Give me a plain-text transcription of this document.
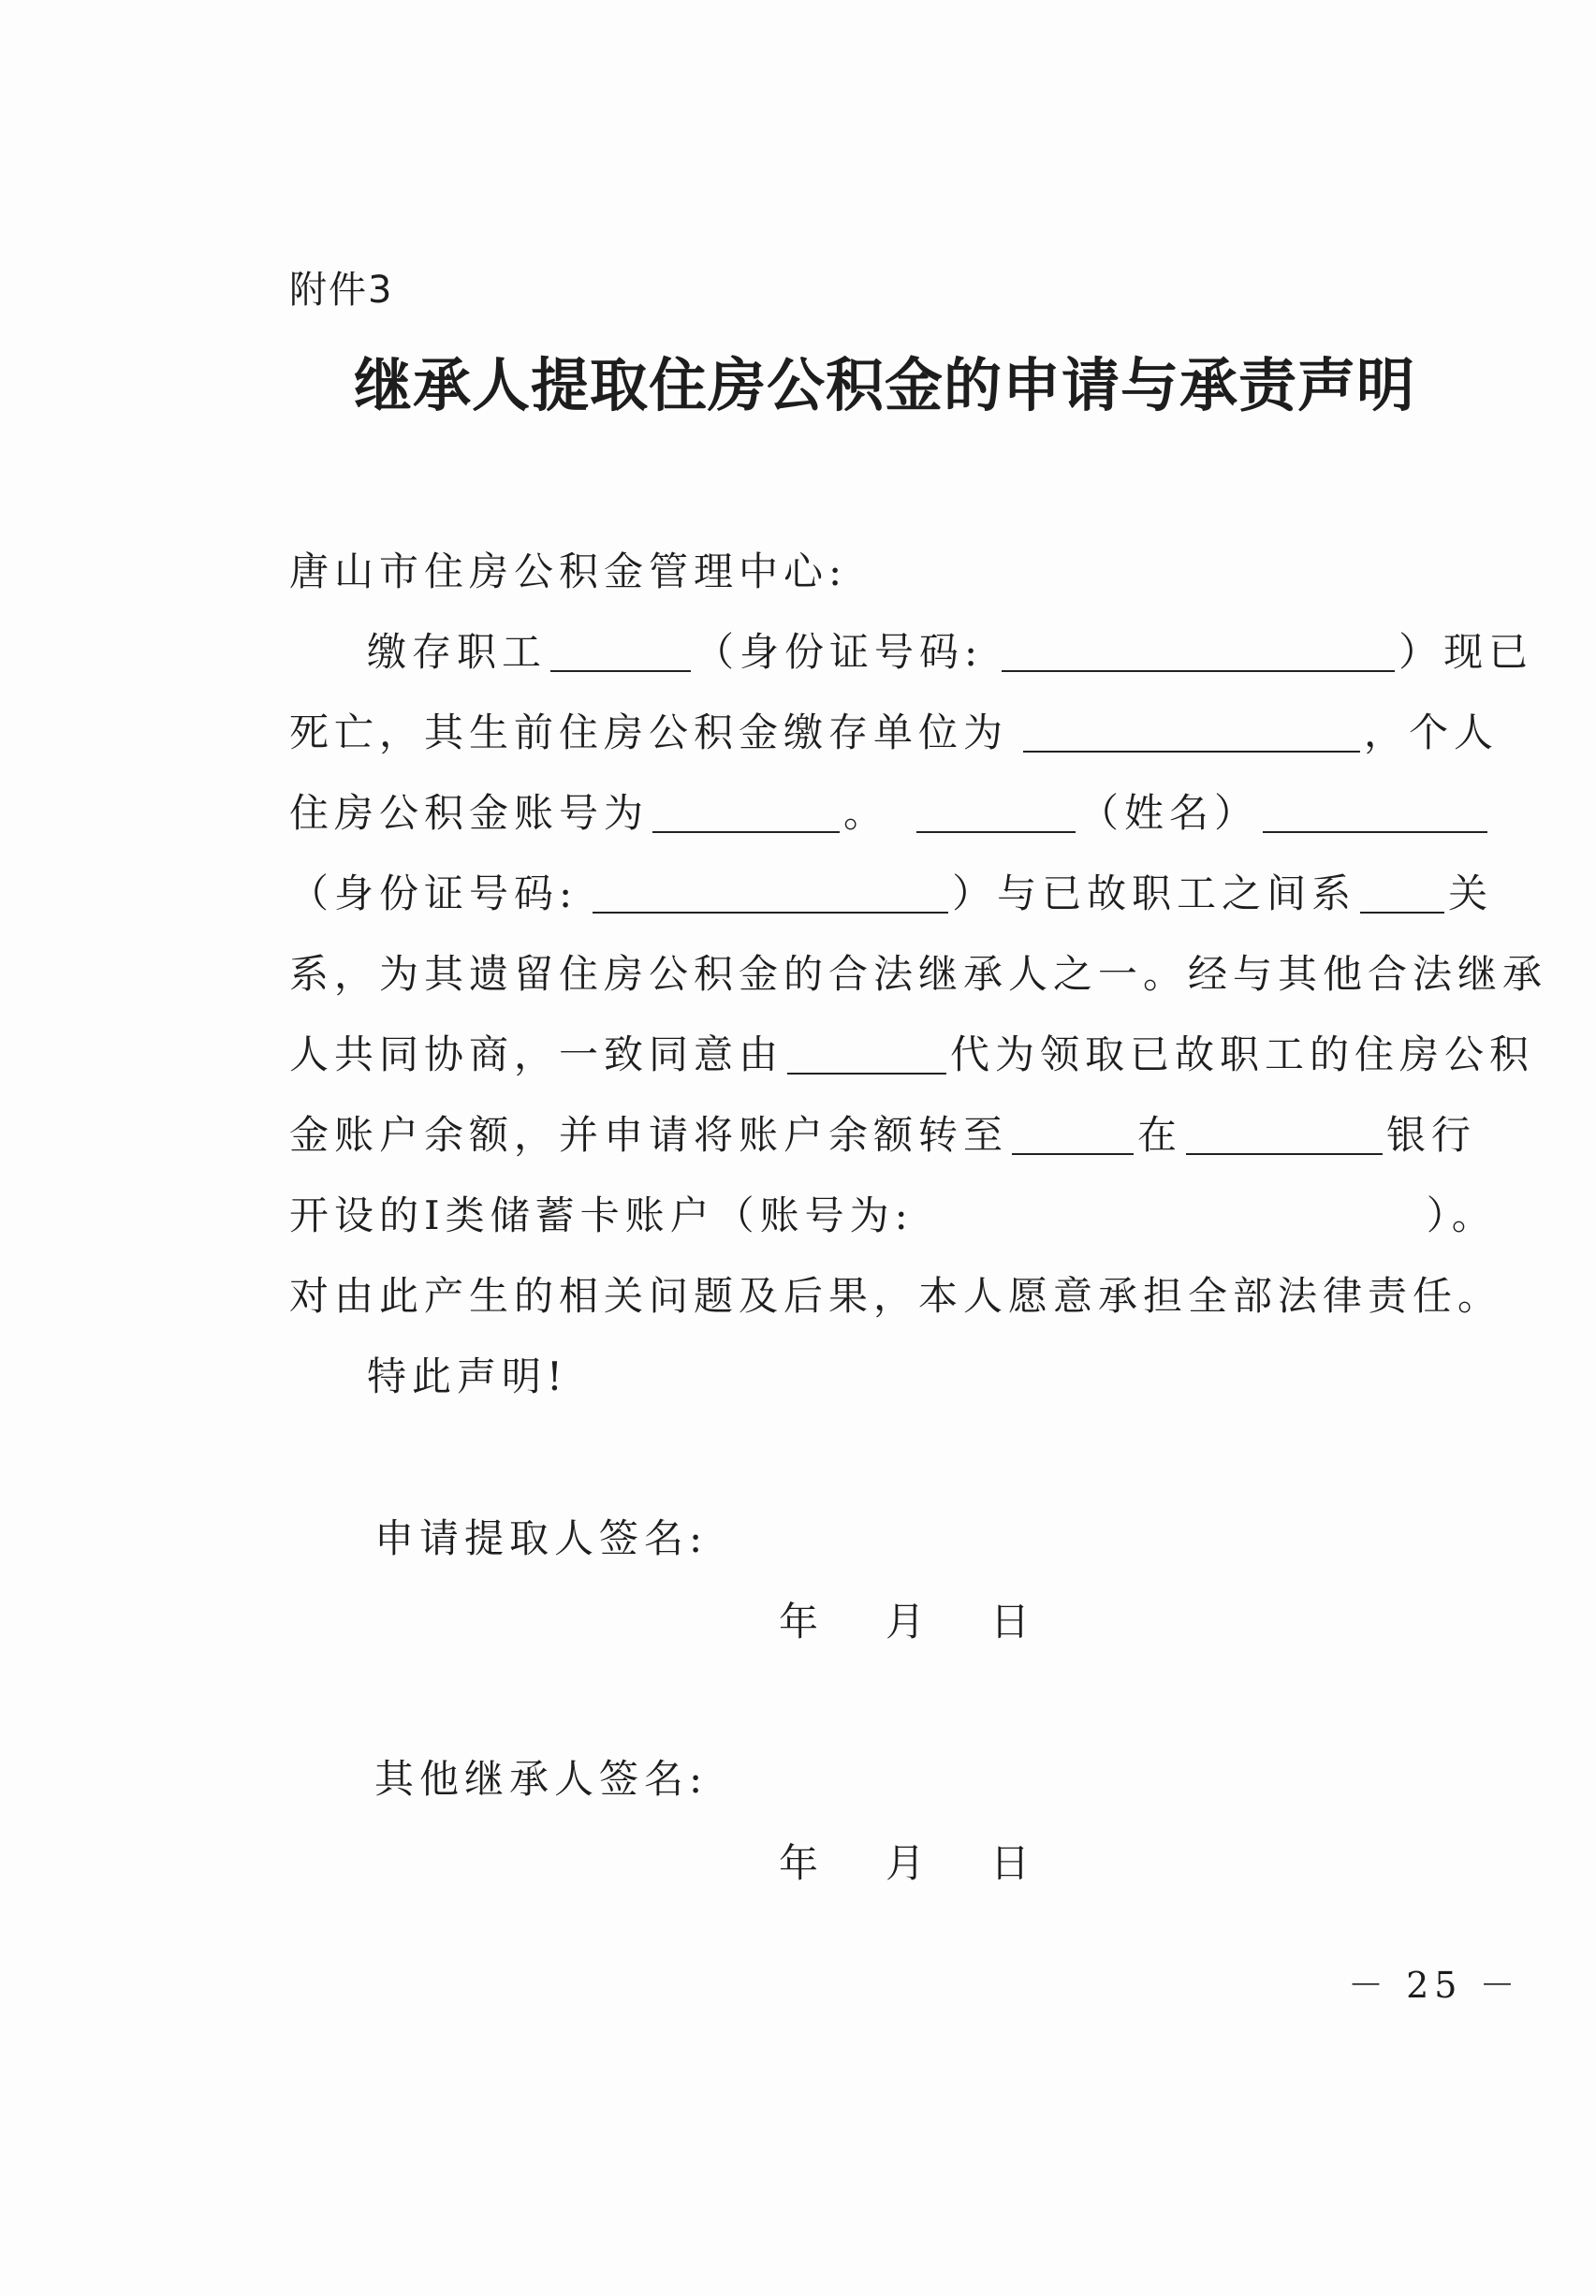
附件3
继承人提取住房公积金的申请与承责声明
唐山市住房公积金管理中心:
缴存职工	（身份证号码:	）现已
死亡，其生前住房公积金缴存单位为	，个人
住房公积金账号为	。	（姓名）
（身份证号码:	）与已故职工之间系 关
系，为其遗留住房公积金的合法继承人之一。经与其他合法继承
人共同协商，一致同意由	代为领取已故职工的住房公积
金账户余额，并申请将账户余额转至	在	银行
开设的Ⅰ类储蓄卡账户（账号为:	）。
对由此产生的相关问题及后果，本人愿意承担全部法律责任。
特此声明!
申请提取人签名:
年 月 日
其他继承人签名:
年 月 日
－ 25 －
